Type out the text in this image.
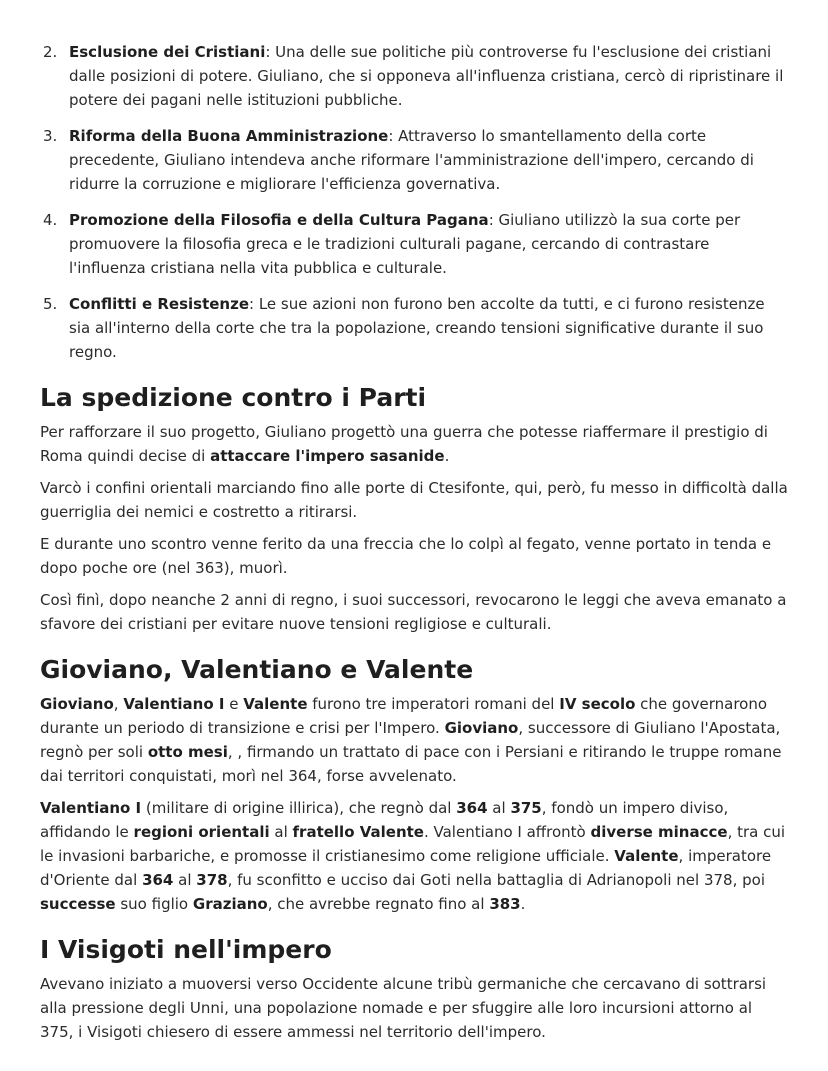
2. Esclusione dei Cristiani: Una delle sue politiche più controverse fu l'esclusione dei cristiani dalle posizioni di potere. Giuliano, che si opponeva all'influenza cristiana, cercò di ripristinare il potere dei pagani nelle istituzioni pubbliche.
3. Riforma della Buona Amministrazione: Attraverso lo smantellamento della corte precedente, Giuliano intendeva anche riformare l'amministrazione dell'impero, cercando di ridurre la corruzione e migliorare l'efficienza governativa.
4. Promozione della Filosofia e della Cultura Pagana: Giuliano utilizzò la sua corte per promuovere la filosofia greca e le tradizioni culturali pagane, cercando di contrastare l'influenza cristiana nella vita pubblica e culturale.
5. Conflitti e Resistenze: Le sue azioni non furono ben accolte da tutti, e ci furono resistenze sia all'interno della corte che tra la popolazione, creando tensioni significative durante il suo regno.
La spedizione contro i Parti

Per rafforzare il suo progetto, Giuliano progettò una guerra che potesse riaffermare il prestigio di Roma quindi decise di attaccare l'impero sasanide.

Varcò i confini orientali marciando fino alle porte di Ctesifonte, qui, però, fu messo in difficoltà dalla guerriglia dei nemici e costretto a ritirarsi.

E durante uno scontro venne ferito da una freccia che lo colpì al fegato, venne portato in tenda e dopo poche ore (nel 363), muorì.

Così finì, dopo neanche 2 anni di regno, i suoi successori, revocarono le leggi che aveva emanato a sfavore dei cristiani per evitare nuove tensioni regligiose e culturali.

Gioviano, Valentiano e Valente

Gioviano, Valentiano I e Valente furono tre imperatori romani del IV secolo che governarono durante un periodo di transizione e crisi per l'Impero. Gioviano, successore di Giuliano l'Apostata, regnò per soli otto mesi, , firmando un trattato di pace con i Persiani e ritirando le truppe romane dai territori conquistati, morì nel 364, forse avvelenato.

Valentiano I (militare di origine illirica), che regnò dal 364 al 375, fondò un impero diviso, affidando le regioni orientali al fratello Valente. Valentiano I affrontò diverse minacce, tra cui le invasioni barbariche, e promosse il cristianesimo come religione ufficiale. Valente, imperatore d'Oriente dal 364 al 378, fu sconfitto e ucciso dai Goti nella battaglia di Adrianopoli nel 378, poi successe suo figlio Graziano, che avrebbe regnato fino al 383.

I Visigoti nell'impero

Avevano iniziato a muoversi verso Occidente alcune tribù germaniche che cercavano di sottrarsi alla pressione degli Unni, una popolazione nomade e per sfuggire alle loro incursioni attorno al 375, i Visigoti chiesero di essere ammessi nel territorio dell'impero.
